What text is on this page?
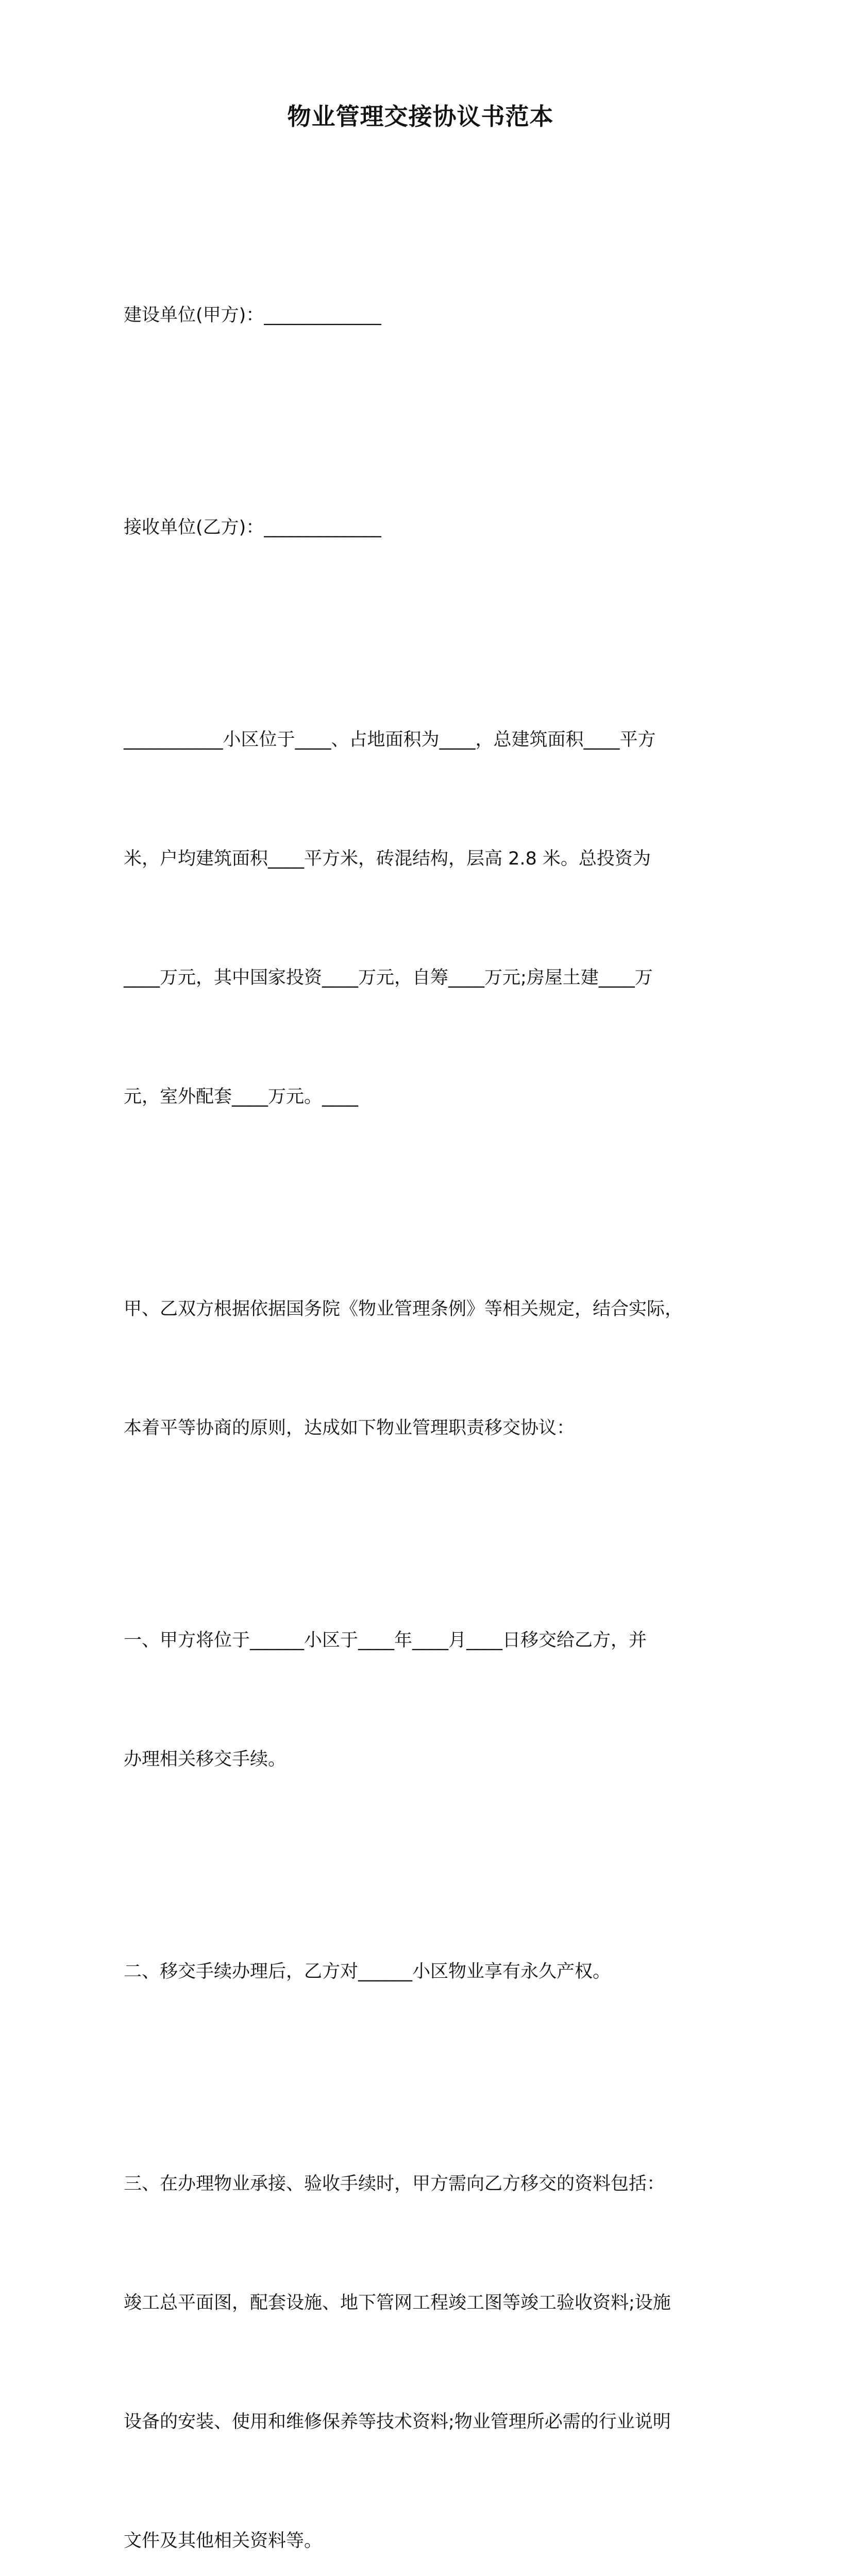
物业管理交接协议书范本

建设单位(甲方)：_____________

接收单位(乙方)：_____________

___________小区位于____、占地面积为____，总建筑面积____平方

米，户均建筑面积____平方米，砖混结构，层高 2.8 米。总投资为

____万元，其中国家投资____万元，自筹____万元;房屋土建____万

元，室外配套____万元。____

甲、乙双方根据依据国务院《物业管理条例》等相关规定，结合实际，

本着平等协商的原则，达成如下物业管理职责移交协议：

一、甲方将位于______小区于____年____月____日移交给乙方，并

办理相关移交手续。

二、移交手续办理后，乙方对______小区物业享有永久产权。

三、在办理物业承接、验收手续时，甲方需向乙方移交的资料包括：

竣工总平面图，配套设施、地下管网工程竣工图等竣工验收资料;设施

设备的安装、使用和维修保养等技术资料;物业管理所必需的行业说明

文件及其他相关资料等。
